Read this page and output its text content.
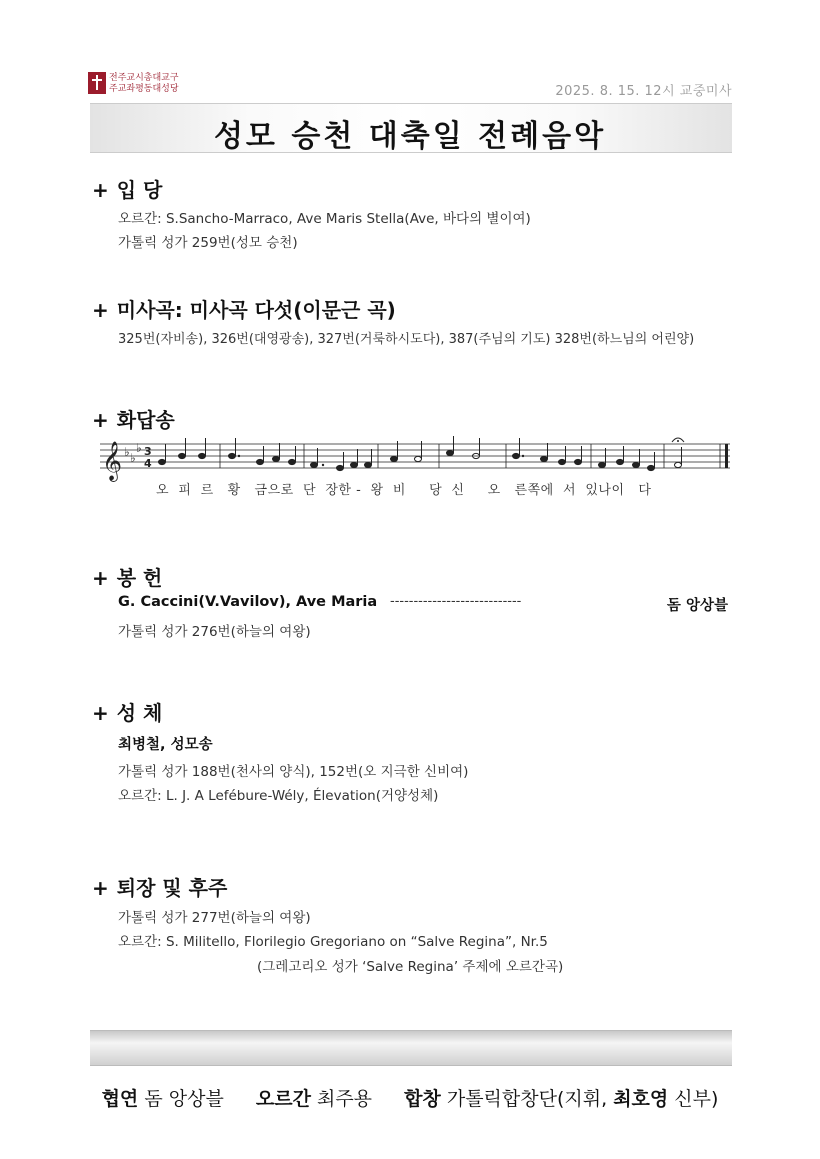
전주교시총대교구
주교좌평동대성당	2025. 8. 15. 12시 교중미사
성모 승천 대축일 전례음악
+ 입 당
오르간: S.Sancho-Marraco, Ave Maris Stella(Ave, 바다의 별이여)
가톨릭 성가 259번(성모 승천)
+ 미사곡: 미사곡 다섯(이문근 곡)
325번(자비송), 326번(대영광송), 327번(거룩하시도다), 387(주님의 기도) 328번(하느님의 어린양)
+ 화답송
𝄞 ♭ ♭
♭ 3
4
오  피  르   황   금으로  단  장한 -  왕  비     당  신     오   른쪽에  서  있나이   다
+ 봉 헌
G. Caccini(V.Vavilov), Ave Maria ----------------------------	돔 앙상블
가톨릭 성가 276번(하늘의 여왕)
+ 성 체
최병철, 성모송
가톨릭 성가 188번(천사의 양식), 152번(오 지극한 신비여)
오르간: L. J. A Lefébure-Wély, Élevation(거양성체)
+ 퇴장 및 후주
가톨릭 성가 277번(하늘의 여왕)
오르간: S. Militello, Florilegio Gregoriano on “Salve Regina”, Nr.5
(그레고리오 성가 ‘Salve Regina’ 주제에 오르간곡)
협연 돔 앙상블 오르간 최주용 합창 가톨릭합창단(지휘, 최호영 신부)
